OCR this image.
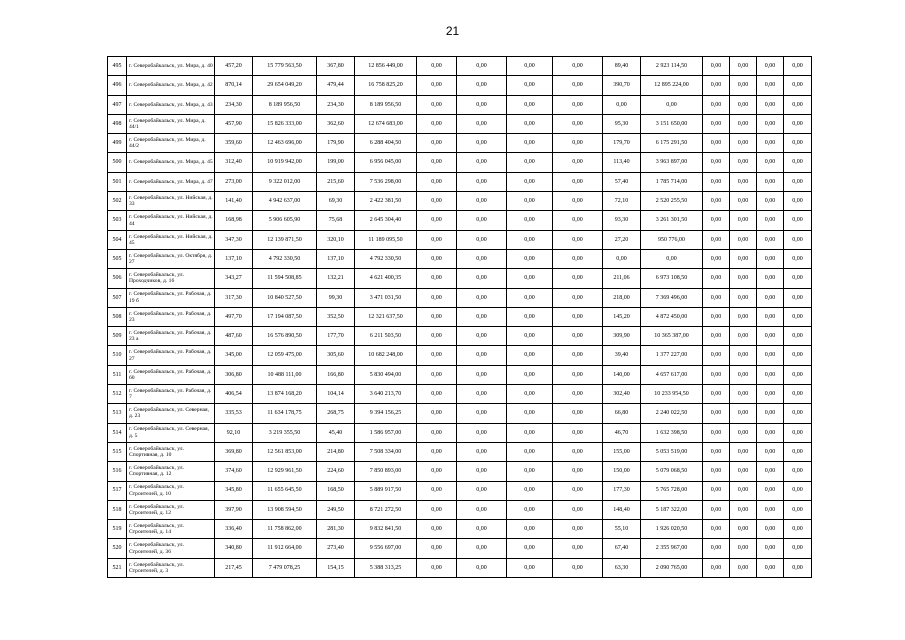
21
495	г. Северобайкальск, ул. Мира, д. 40	457,20	15 779 563,50	367,80	12 856 449,00	0,00	0,00	0,00	0,00	89,40	2 923 114,50	0,00	0,00	0,00	0,00
496	г. Северобайкальск, ул. Мира, д. 42	870,14	29 654 049,20	479,44	16 758 825,20	0,00	0,00	0,00	0,00	390,70	12 895 224,00	0,00	0,00	0,00	0,00
497	г. Северобайкальск, ул. Мира, д. 43	234,30	8 189 956,50	234,30	8 189 956,50	0,00	0,00	0,00	0,00	0,00	0,00	0,00	0,00	0,00	0,00
498	г. Северобайкальск, ул. Мира, д. 44/1	457,90	15 826 333,00	362,60	12 674 683,00	0,00	0,00	0,00	0,00	95,30	3 151 650,00	0,00	0,00	0,00	0,00
499	г. Северобайкальск, ул. Мира, д. 44/2	359,60	12 463 696,00	179,90	6 288 404,50	0,00	0,00	0,00	0,00	179,70	6 175 291,50	0,00	0,00	0,00	0,00
500	г. Северобайкальск, ул. Мира, д. 45	312,40	10 919 942,00	199,00	6 956 045,00	0,00	0,00	0,00	0,00	113,40	3 963 897,00	0,00	0,00	0,00	0,00
501	г. Северобайкальск, ул. Мира, д. 47	273,00	9 322 012,00	215,60	7 536 298,00	0,00	0,00	0,00	0,00	57,40	1 785 714,00	0,00	0,00	0,00	0,00
502	г. Северобайкальск, ул. Нийская, д. 33	141,40	4 942 637,00	69,30	2 422 381,50	0,00	0,00	0,00	0,00	72,10	2 520 255,50	0,00	0,00	0,00	0,00
503	г. Северобайкальск, ул. Нийская, д. 44	168,98	5 906 605,90	75,68	2 645 304,40	0,00	0,00	0,00	0,00	93,30	3 261 301,50	0,00	0,00	0,00	0,00
504	г. Северобайкальск, ул. Нийская, д. 45	347,30	12 139 871,50	320,10	11 189 095,50	0,00	0,00	0,00	0,00	27,20	950 776,00	0,00	0,00	0,00	0,00
505	г. Северобайкальск, ул. Октября, д. 27	137,10	4 792 330,50	137,10	4 792 330,50	0,00	0,00	0,00	0,00	0,00	0,00	0,00	0,00	0,00	0,00
506	г. Северобайкальск, ул. Проходчиков, д. 16	343,27	11 594 508,85	132,21	4 621 400,35	0,00	0,00	0,00	0,00	211,06	6 973 108,50	0,00	0,00	0,00	0,00
507	г. Северобайкальск, ул. Рабочая, д. 19 б	317,30	10 840 527,50	99,30	3 471 031,50	0,00	0,00	0,00	0,00	218,00	7 369 496,00	0,00	0,00	0,00	0,00
508	г. Северобайкальск, ул. Рабочая, д. 23	497,70	17 194 087,50	352,50	12 321 637,50	0,00	0,00	0,00	0,00	145,20	4 872 450,00	0,00	0,00	0,00	0,00
509	г. Северобайкальск, ул. Рабочая, д. 23 а	487,60	16 576 890,50	177,70	6 211 503,50	0,00	0,00	0,00	0,00	309,90	10 365 387,00	0,00	0,00	0,00	0,00
510	г. Северобайкальск, ул. Рабочая, д. 27	345,00	12 059 475,00	305,60	10 682 248,00	0,00	0,00	0,00	0,00	39,40	1 377 227,00	0,00	0,00	0,00	0,00
511	г. Северобайкальск, ул. Рабочая, д. 60	306,80	10 488 111,00	166,80	5 830 494,00	0,00	0,00	0,00	0,00	140,00	4 657 617,00	0,00	0,00	0,00	0,00
512	г. Северобайкальск, ул. Рабочая, д. 7	406,54	13 874 168,20	104,14	3 640 213,70	0,00	0,00	0,00	0,00	302,40	10 233 954,50	0,00	0,00	0,00	0,00
513	г. Северобайкальск, ул. Северная, д. 23	335,53	11 634 178,75	268,75	9 394 156,25	0,00	0,00	0,00	0,00	66,80	2 240 022,50	0,00	0,00	0,00	0,00
514	г. Северобайкальск, ул. Северная, д. 5	92,10	3 219 355,50	45,40	1 586 957,00	0,00	0,00	0,00	0,00	46,70	1 632 398,50	0,00	0,00	0,00	0,00
515	г. Северобайкальск, ул. Спортивная, д. 10	369,80	12 561 853,00	214,80	7 508 334,00	0,00	0,00	0,00	0,00	155,00	5 053 519,00	0,00	0,00	0,00	0,00
516	г. Северобайкальск, ул. Спортивная, д. 12	374,60	12 929 961,50	224,60	7 850 893,00	0,00	0,00	0,00	0,00	150,00	5 079 068,50	0,00	0,00	0,00	0,00
517	г. Северобайкальск, ул. Строителей, д. 10	345,80	11 655 645,50	168,50	5 889 917,50	0,00	0,00	0,00	0,00	177,30	5 765 728,00	0,00	0,00	0,00	0,00
518	г. Северобайкальск, ул. Строителей, д. 12	397,90	13 908 594,50	249,50	8 721 272,50	0,00	0,00	0,00	0,00	148,40	5 187 322,00	0,00	0,00	0,00	0,00
519	г. Северобайкальск, ул. Строителей, д. 14	336,40	11 758 862,00	281,30	9 832 841,50	0,00	0,00	0,00	0,00	55,10	1 926 020,50	0,00	0,00	0,00	0,00
520	г. Северобайкальск, ул. Строителей, д. 36	340,80	11 912 664,00	273,40	9 556 697,00	0,00	0,00	0,00	0,00	67,40	2 355 967,00	0,00	0,00	0,00	0,00
521	г. Северобайкальск, ул. Строителей, д. 3	217,45	7 479 078,25	154,15	5 388 313,25	0,00	0,00	0,00	0,00	63,30	2 090 765,00	0,00	0,00	0,00	0,00
